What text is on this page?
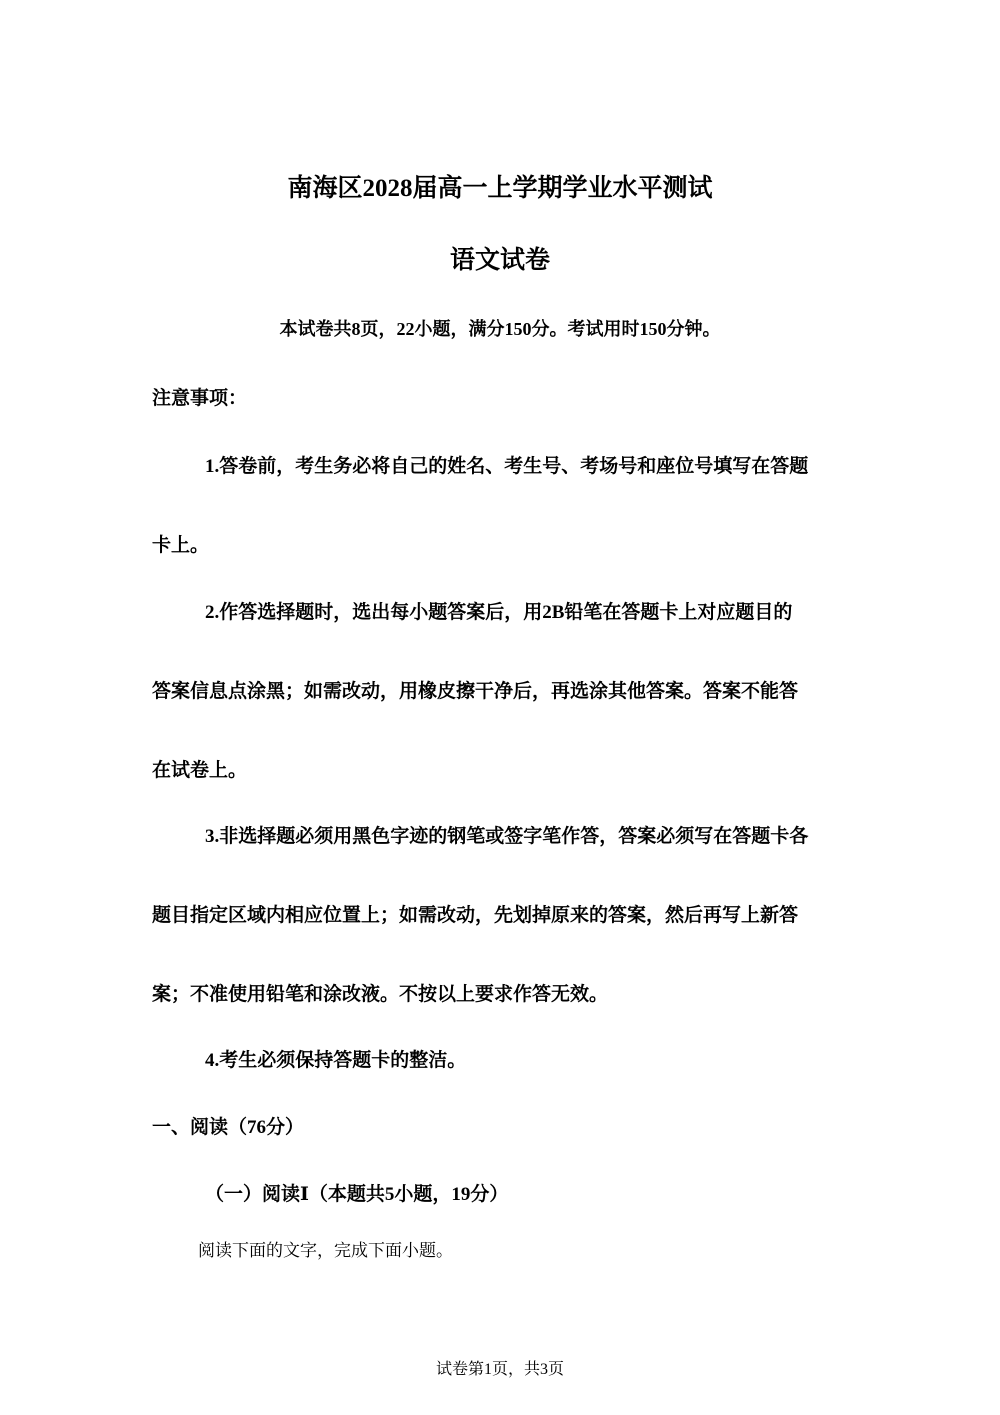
南海区2028届高一上学期学业水平测试
语文试卷
本试卷共8页，22小题，满分150分。考试用时150分钟。
注意事项：
1.答卷前，考生务必将自己的姓名、考生号、考场号和座位号填写在答题
卡上。
2.作答选择题时，选出每小题答案后，用2B铅笔在答题卡上对应题目的
答案信息点涂黑；如需改动，用橡皮擦干净后，再选涂其他答案。答案不能答
在试卷上。
3.非选择题必须用黑色字迹的钢笔或签字笔作答，答案必须写在答题卡各
题目指定区域内相应位置上；如需改动，先划掉原来的答案，然后再写上新答
案；不准使用铅笔和涂改液。不按以上要求作答无效。
4.考生必须保持答题卡的整洁。
一、阅读（76分）
（一）阅读Ⅰ（本题共5小题，19分）
阅读下面的文字，完成下面小题。
试卷第1页，共3页
